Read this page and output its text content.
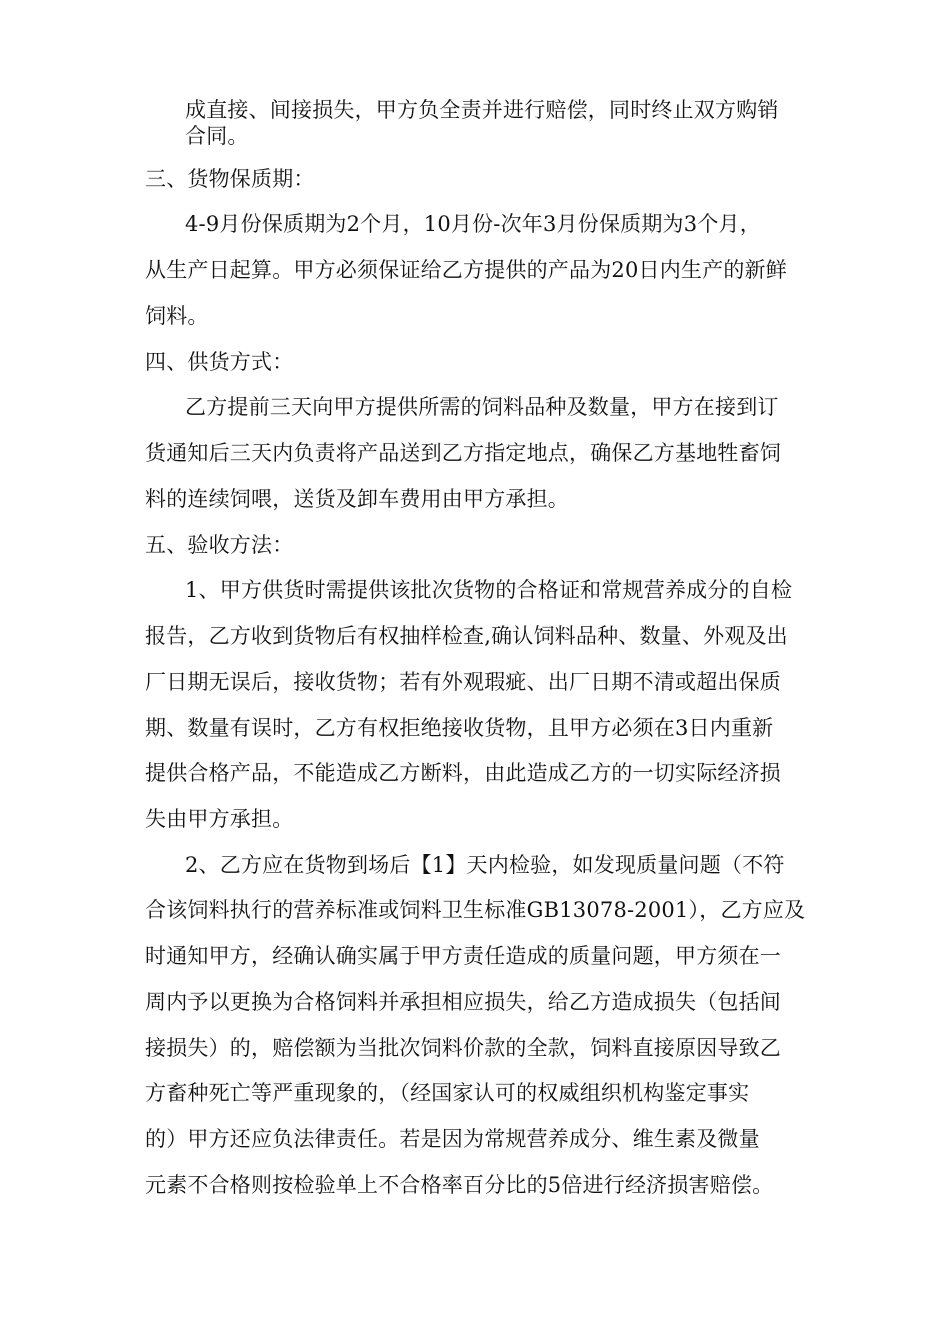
成直接、间接损失，甲方负全责并进行赔偿，同时终止双方购销
合同。
三、货物保质期：
4-9月份保质期为2个月，10月份-次年3月份保质期为3个月，
从生产日起算。甲方必须保证给乙方提供的产品为20日内生产的新鲜
饲料。
四、供货方式：
乙方提前三天向甲方提供所需的饲料品种及数量，甲方在接到订
货通知后三天内负责将产品送到乙方指定地点，确保乙方基地牲畜饲
料的连续饲喂，送货及卸车费用由甲方承担。
五、验收方法：
1、甲方供货时需提供该批次货物的合格证和常规营养成分的自检
报告，乙方收到货物后有权抽样检查,确认饲料品种、数量、外观及出
厂日期无误后，接收货物；若有外观瑕疵、出厂日期不清或超出保质
期、数量有误时，乙方有权拒绝接收货物，且甲方必须在3日内重新
提供合格产品，不能造成乙方断料，由此造成乙方的一切实际经济损
失由甲方承担。
2、乙方应在货物到场后【1】天内检验，如发现质量问题（不符
合该饲料执行的营养标准或饲料卫生标准GB13078-2001），乙方应及
时通知甲方，经确认确实属于甲方责任造成的质量问题，甲方须在一
周内予以更换为合格饲料并承担相应损失，给乙方造成损失（包括间
接损失）的，赔偿额为当批次饲料价款的全款，饲料直接原因导致乙
方畜种死亡等严重现象的，（经国家认可的权威组织机构鉴定事实
的）甲方还应负法律责任。若是因为常规营养成分、维生素及微量
元素不合格则按检验单上不合格率百分比的5倍进行经济损害赔偿。
